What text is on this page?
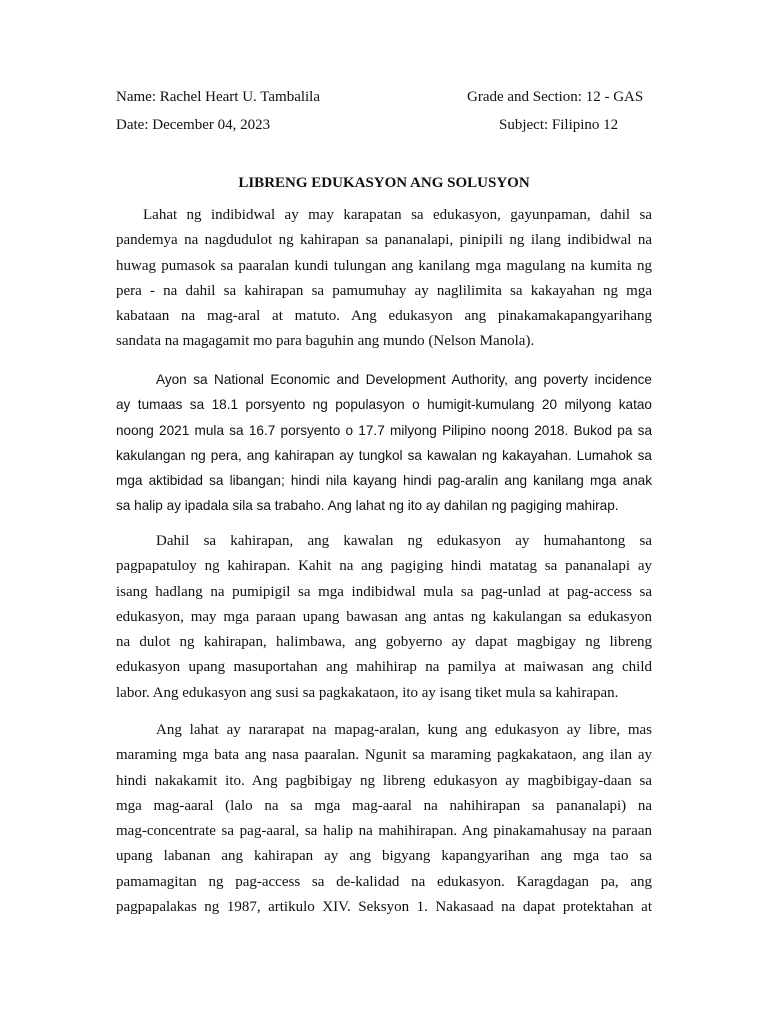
Name: Rachel Heart U. Tambalila	Grade and Section: 12 - GAS
Date: December 04, 2023	Subject: Filipino 12
LIBRENG EDUKASYON ANG SOLUSYON
Lahat ng indibidwal ay may karapatan sa edukasyon, gayunpaman, dahil sa
pandemya na nagdudulot ng kahirapan sa pananalapi, pinipili ng ilang indibidwal na
huwag pumasok sa paaralan kundi tulungan ang kanilang mga magulang na kumita ng
pera - na dahil sa kahirapan sa pamumuhay ay naglilimita sa kakayahan ng mga
kabataan na mag-aral at matuto. Ang edukasyon ang pinakamakapangyarihang
sandata na magagamit mo para baguhin ang mundo (Nelson Manola).
Ayon sa National Economic and Development Authority, ang poverty incidence
ay tumaas sa 18.1 porsyento ng populasyon o humigit-kumulang 20 milyong katao
noong 2021 mula sa 16.7 porsyento o 17.7 milyong Pilipino noong 2018. Bukod pa sa
kakulangan ng pera, ang kahirapan ay tungkol sa kawalan ng kakayahan. Lumahok sa
mga aktibidad sa libangan; hindi nila kayang hindi pag-aralin ang kanilang mga anak
sa halip ay ipadala sila sa trabaho. Ang lahat ng ito ay dahilan ng pagiging mahirap.
Dahil sa kahirapan, ang kawalan ng edukasyon ay humahantong sa
pagpapatuloy ng kahirapan. Kahit na ang pagiging hindi matatag sa pananalapi ay
isang hadlang na pumipigil sa mga indibidwal mula sa pag-unlad at pag-access sa
edukasyon, may mga paraan upang bawasan ang antas ng kakulangan sa edukasyon
na dulot ng kahirapan, halimbawa, ang gobyerno ay dapat magbigay ng libreng
edukasyon upang masuportahan ang mahihirap na pamilya at maiwasan ang child
labor. Ang edukasyon ang susi sa pagkakataon, ito ay isang tiket mula sa kahirapan.
Ang lahat ay nararapat na mapag-aralan, kung ang edukasyon ay libre, mas
maraming mga bata ang nasa paaralan. Ngunit sa maraming pagkakataon, ang ilan ay
hindi nakakamit ito. Ang pagbibigay ng libreng edukasyon ay magbibigay-daan sa
mga mag-aaral (lalo na sa mga mag-aaral na nahihirapan sa pananalapi) na
mag-concentrate sa pag-aaral, sa halip na mahihirapan. Ang pinakamahusay na paraan
upang labanan ang kahirapan ay ang bigyang kapangyarihan ang mga tao sa
pamamagitan ng pag-access sa de-kalidad na edukasyon. Karagdagan pa, ang
pagpapalakas ng 1987, artikulo XIV. Seksyon 1. Nakasaad na dapat protektahan at
